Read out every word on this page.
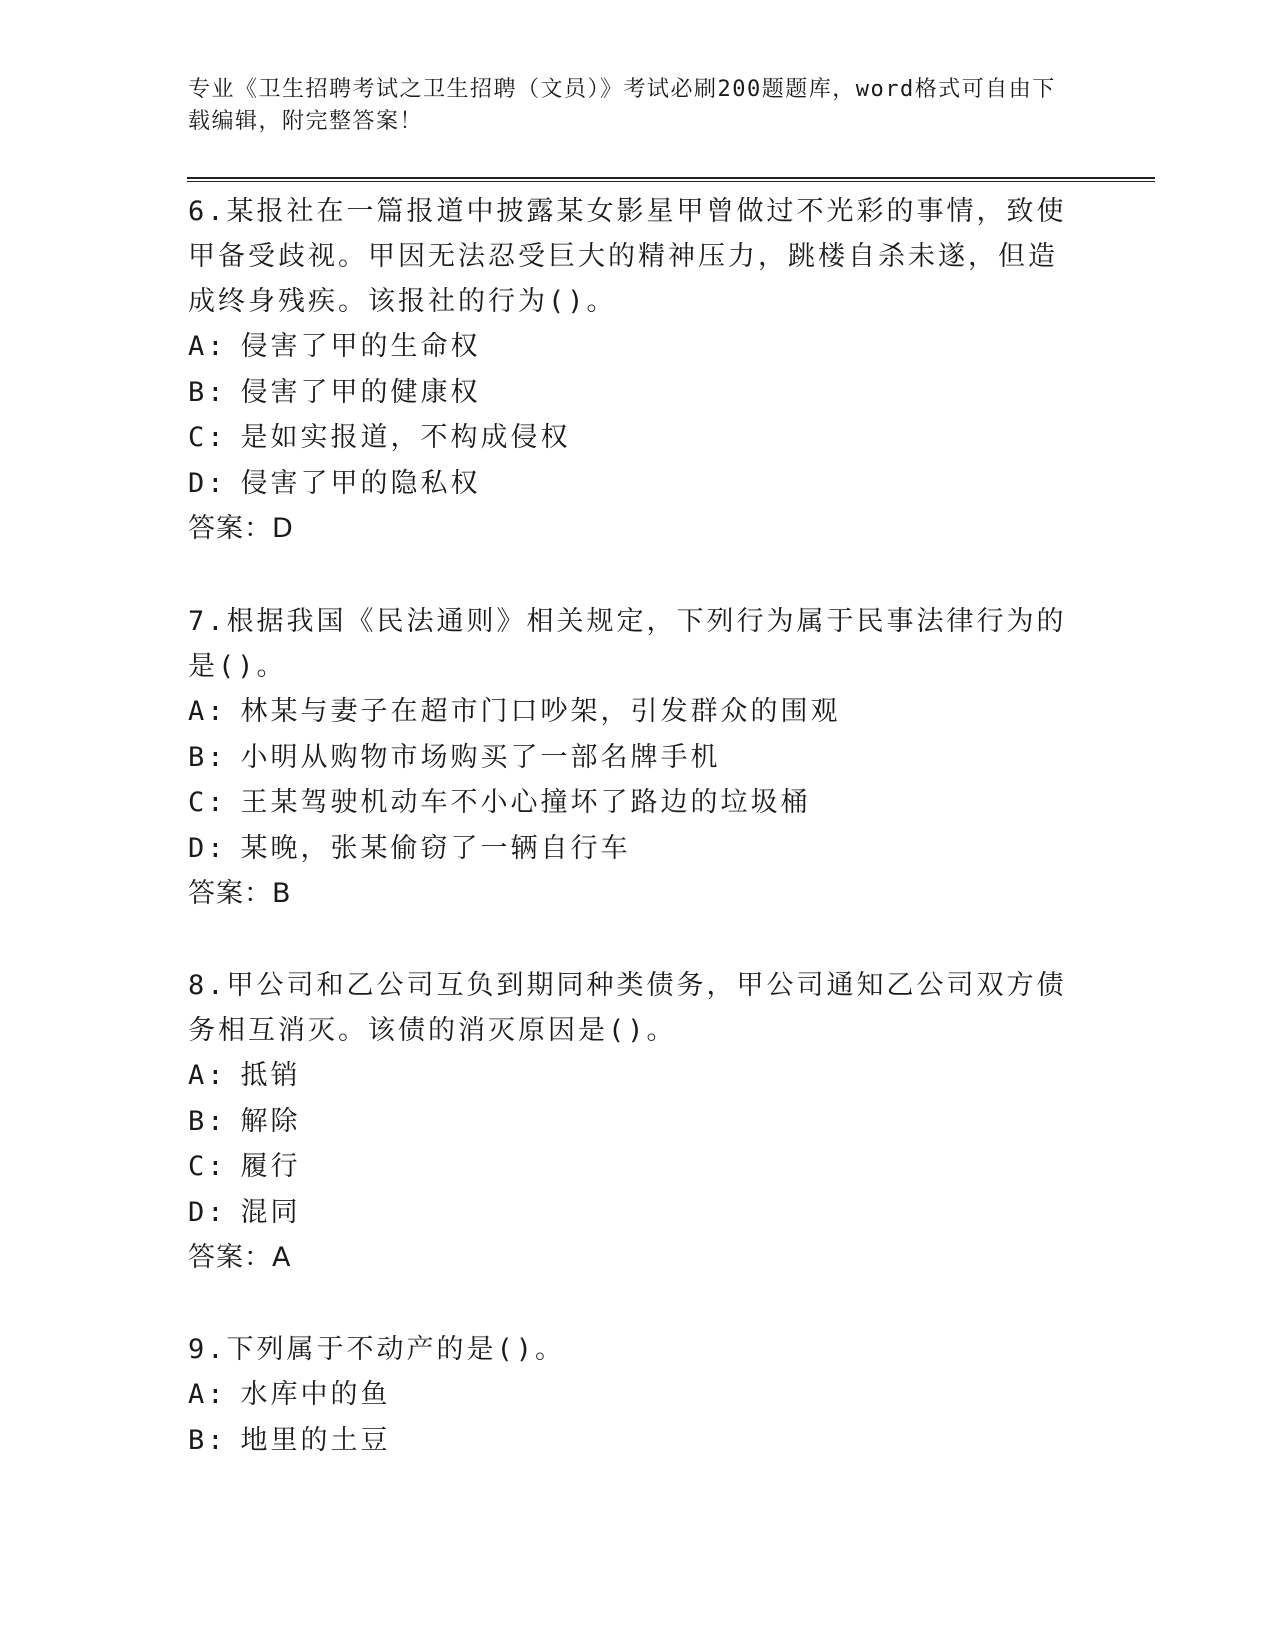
专业《卫生招聘考试之卫生招聘（文员）》考试必刷200题题库，word格式可自由下载编辑，附完整答案！

6.某报社在一篇报道中披露某女影星甲曾做过不光彩的事情，致使甲备受歧视。甲因无法忍受巨大的精神压力，跳楼自杀未遂，但造成终身残疾。该报社的行为()。

A: 侵害了甲的生命权

B: 侵害了甲的健康权

C: 是如实报道，不构成侵权

D: 侵害了甲的隐私权

答案：D

7.根据我国《民法通则》相关规定，下列行为属于民事法律行为的是()。

A: 林某与妻子在超市门口吵架，引发群众的围观

B: 小明从购物市场购买了一部名牌手机

C: 王某驾驶机动车不小心撞坏了路边的垃圾桶

D: 某晚，张某偷窃了一辆自行车

答案：B

8.甲公司和乙公司互负到期同种类债务，甲公司通知乙公司双方债务相互消灭。该债的消灭原因是()。

A: 抵销

B: 解除

C: 履行

D: 混同

答案：A

9.下列属于不动产的是()。

A: 水库中的鱼

B: 地里的土豆
